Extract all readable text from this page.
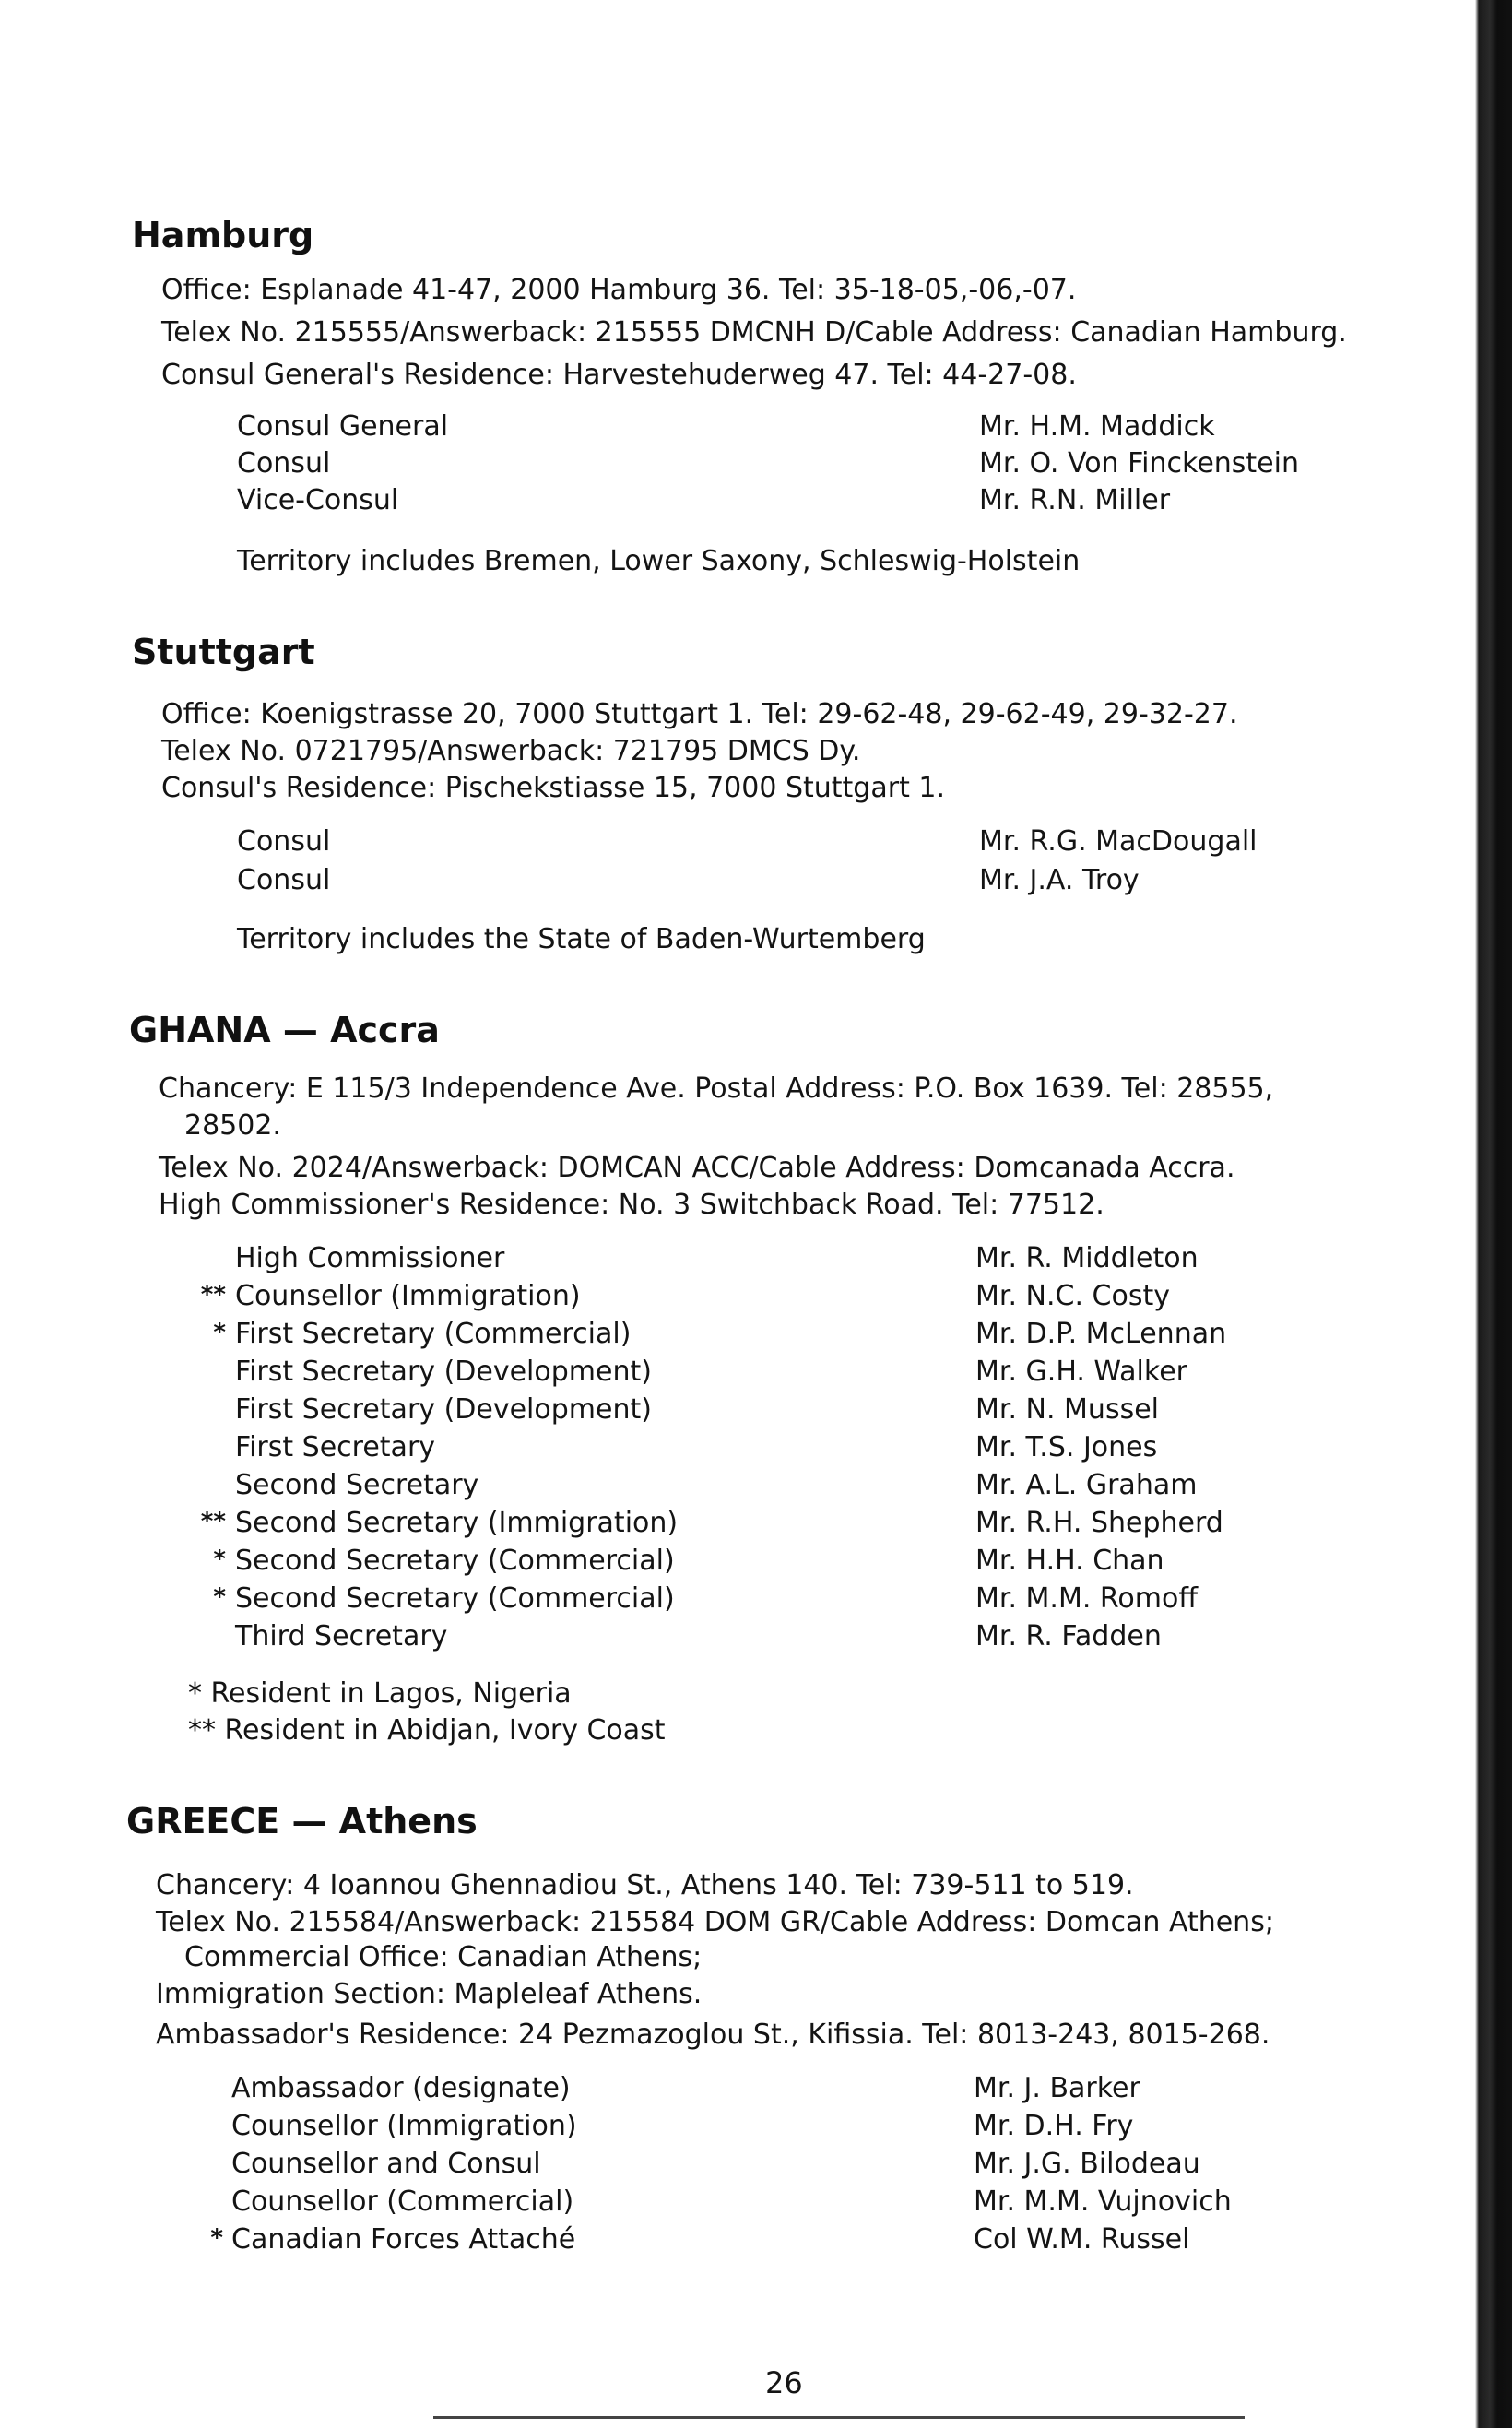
Hamburg
Office: Esplanade 41-47, 2000 Hamburg 36. Tel: 35-18-05,-06,-07.
Telex No. 215555/Answerback: 215555 DMCNH D/Cable Address: Canadian Hamburg.
Consul General's Residence: Harvestehuderweg 47. Tel: 44-27-08.
Consul General	Mr. H.M. Maddick
Consul	Mr. O. Von Finckenstein
Vice-Consul	Mr. R.N. Miller
Territory includes Bremen, Lower Saxony, Schleswig-Holstein
Stuttgart
Office: Koenigstrasse 20, 7000 Stuttgart 1. Tel: 29-62-48, 29-62-49, 29-32-27.
Telex No. 0721795/Answerback: 721795 DMCS Dy.
Consul's Residence: Pischekstiasse 15, 7000 Stuttgart 1.
Consul	Mr. R.G. MacDougall
Consul	Mr. J.A. Troy
Territory includes the State of Baden-Wurtemberg
GHANA — Accra
Chancery: E 115/3 Independence Ave. Postal Address: P.O. Box 1639. Tel: 28555,
28502.
Telex No. 2024/Answerback: DOMCAN ACC/Cable Address: Domcanada Accra.
High Commissioner's Residence: No. 3 Switchback Road. Tel: 77512.
High Commissioner	Mr. R. Middleton
** Counsellor (Immigration)	Mr. N.C. Costy
* First Secretary (Commercial)	Mr. D.P. McLennan
First Secretary (Development)	Mr. G.H. Walker
First Secretary (Development)	Mr. N. Mussel
First Secretary	Mr. T.S. Jones
Second Secretary	Mr. A.L. Graham
** Second Secretary (Immigration)	Mr. R.H. Shepherd
* Second Secretary (Commercial)	Mr. H.H. Chan
* Second Secretary (Commercial)	Mr. M.M. Romoff
Third Secretary	Mr. R. Fadden
* Resident in Lagos, Nigeria
** Resident in Abidjan, Ivory Coast
GREECE — Athens
Chancery: 4 Ioannou Ghennadiou St., Athens 140. Tel: 739-511 to 519.
Telex No. 215584/Answerback: 215584 DOM GR/Cable Address: Domcan Athens;
Commercial Office: Canadian Athens;
Immigration Section: Mapleleaf Athens.
Ambassador's Residence: 24 Pezmazoglou St., Kifissia. Tel: 8013-243, 8015-268.
Ambassador (designate)	Mr. J. Barker
Counsellor (Immigration)	Mr. D.H. Fry
Counsellor and Consul	Mr. J.G. Bilodeau
Counsellor (Commercial)	Mr. M.M. Vujnovich
* Canadian Forces Attaché	Col W.M. Russel
26
